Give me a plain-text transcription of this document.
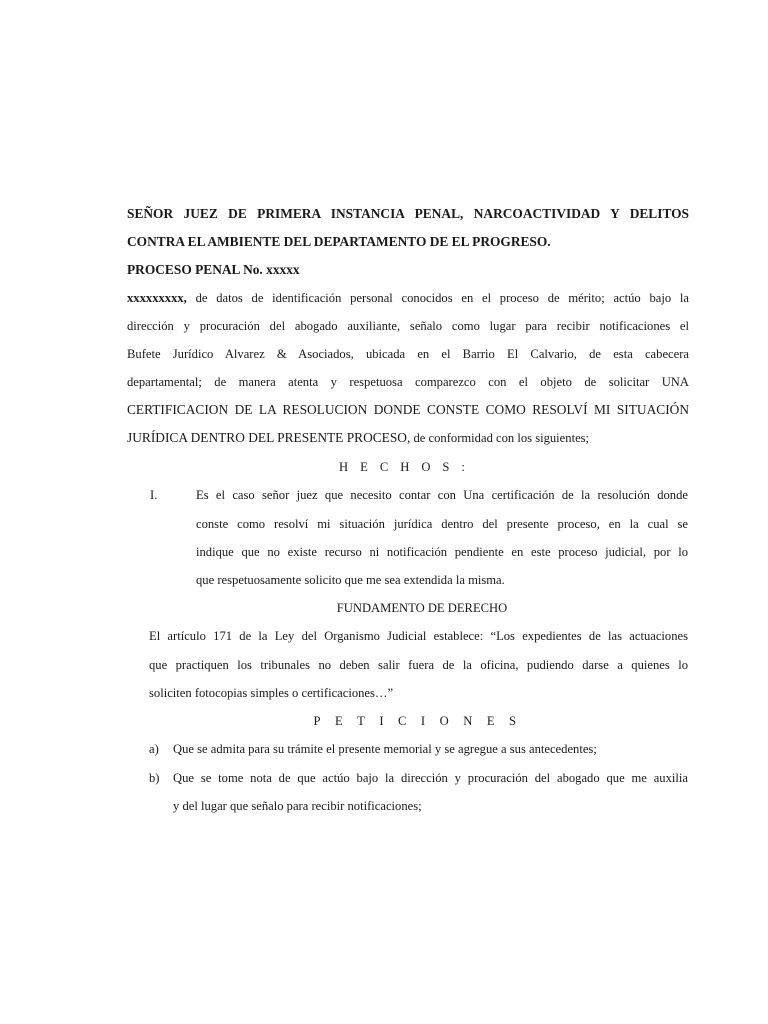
SEÑOR JUEZ DE PRIMERA INSTANCIA PENAL, NARCOACTIVIDAD Y DELITOS
CONTRA EL AMBIENTE DEL DEPARTAMENTO DE EL PROGRESO.
PROCESO PENAL No. xxxxx
xxxxxxxxx, de datos de identificación personal conocidos en el proceso de mérito; actúo bajo la
dirección y procuración del abogado auxiliante, señalo como lugar para recibir notificaciones el
Bufete Jurídico Alvarez & Asociados, ubicada en el Barrio El Calvario, de esta cabecera
departamental; de manera atenta y respetuosa comparezco con el objeto de solicitar UNA
CERTIFICACION DE LA RESOLUCION DONDE CONSTE COMO RESOLVÍ MI SITUACIÓN
JURÍDICA DENTRO DEL PRESENTE PROCESO, de conformidad con los siguientes;
HECHOS:
I.	Es el caso señor juez que necesito contar con Una certificación de la resolución donde
conste como resolví mi situación jurídica dentro del presente proceso, en la cual se
indique que no existe recurso ni notificación pendiente en este proceso judicial, por lo
que respetuosamente solicito que me sea extendida la misma.
FUNDAMENTO DE DERECHO
El artículo 171 de la Ley del Organismo Judicial establece: “Los expedientes de las actuaciones
que practiquen los tribunales no deben salir fuera de la oficina, pudiendo darse a quienes lo
soliciten fotocopias simples o certificaciones…”
PETICIONES
a) Que se admita para su trámite el presente memorial y se agregue a sus antecedentes;
b) Que se tome nota de que actúo bajo la dirección y procuración del abogado que me auxilia
y del lugar que señalo para recibir notificaciones;
